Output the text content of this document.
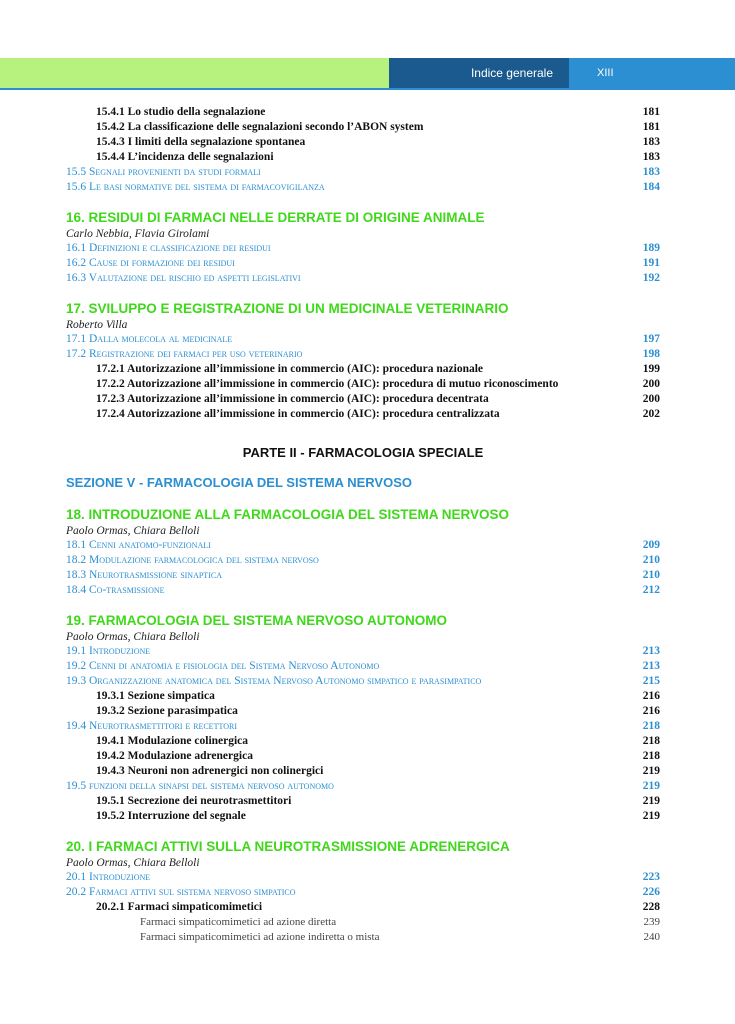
Indice generale	XIII
15.4.1 Lo studio della segnalazione	181
15.4.2 La classificazione delle segnalazioni secondo l’ABON system	181
15.4.3 I limiti della segnalazione spontanea	183
15.4.4 L’incidenza delle segnalazioni	183
15.5 Segnali provenienti da studi formali	183
15.6 Le basi normative del sistema di farmacovigilanza	184
16. RESIDUI DI FARMACI NELLE DERRATE DI ORIGINE ANIMALE
Carlo Nebbia, Flavia Girolami
16.1 Definizioni e classificazione dei residui	189
16.2 Cause di formazione dei residui	191
16.3 Valutazione del rischio ed aspetti legislativi	192
17. SVILUPPO E REGISTRAZIONE DI UN MEDICINALE VETERINARIO
Roberto Villa
17.1 Dalla molecola al medicinale	197
17.2 Registrazione dei farmaci per uso veterinario	198
17.2.1 Autorizzazione all’immissione in commercio (AIC): procedura nazionale	199
17.2.2 Autorizzazione all’immissione in commercio (AIC): procedura di mutuo riconoscimento	200
17.2.3 Autorizzazione all’immissione in commercio (AIC): procedura decentrata	200
17.2.4 Autorizzazione all’immissione in commercio (AIC): procedura centralizzata	202
PARTE II - FARMACOLOGIA SPECIALE
SEZIONE V - FARMACOLOGIA DEL SISTEMA NERVOSO
18. INTRODUZIONE ALLA FARMACOLOGIA DEL SISTEMA NERVOSO
Paolo Ormas, Chiara Belloli
18.1 Cenni anatomo-funzionali	209
18.2 Modulazione farmacologica del sistema nervoso	210
18.3 Neurotrasmissione sinaptica	210
18.4 Co-trasmissione	212
19. FARMACOLOGIA DEL SISTEMA NERVOSO AUTONOMO
Paolo Ormas, Chiara Belloli
19.1 Introduzione	213
19.2 Cenni di anatomia e fisiologia del Sistema Nervoso Autonomo	213
19.3 Organizzazione anatomica del Sistema Nervoso Autonomo simpatico e parasimpatico	215
19.3.1 Sezione simpatica	216
19.3.2 Sezione parasimpatica	216
19.4 Neurotrasmettitori e recettori	218
19.4.1 Modulazione colinergica	218
19.4.2 Modulazione adrenergica	218
19.4.3 Neuroni non adrenergici non colinergici	219
19.5 funzioni della sinapsi del sistema nervoso autonomo	219
19.5.1 Secrezione dei neurotrasmettitori	219
19.5.2 Interruzione del segnale	219
20. I FARMACI ATTIVI SULLA NEUROTRASMISSIONE ADRENERGICA
Paolo Ormas, Chiara Belloli
20.1 Introduzione	223
20.2 Farmaci attivi sul sistema nervoso simpatico	226
20.2.1 Farmaci simpaticomimetici	228
Farmaci simpaticomimetici ad azione diretta	239
Farmaci simpaticomimetici ad azione indiretta o mista	240
